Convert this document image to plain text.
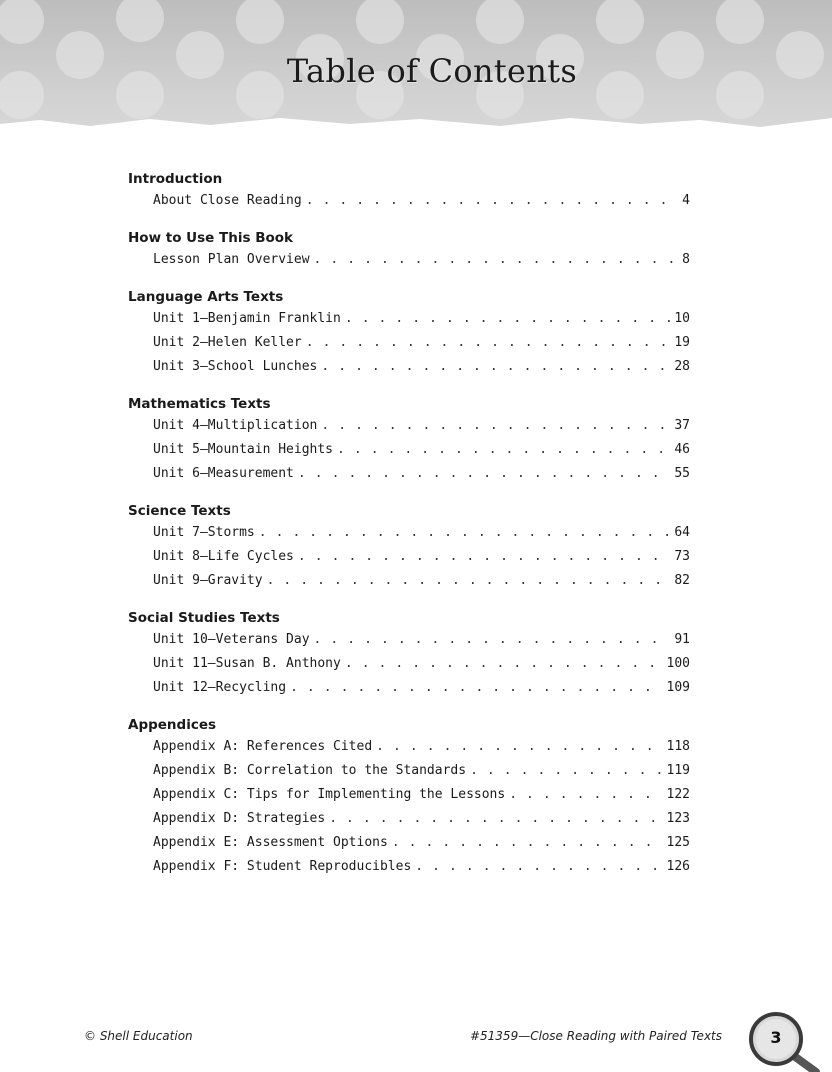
Table of Contents
Introduction
About Close Reading . . .	4
How to Use This Book
Lesson Plan Overview . . .	8
Language Arts Texts
Unit 1—Benjamin Franklin . . .	10
Unit 2—Helen Keller . . .	19
Unit 3—School Lunches . . .	28
Mathematics Texts
Unit 4—Multiplication . . .	37
Unit 5—Mountain Heights . . .	46
Unit 6—Measurement . . .	55
Science Texts
Unit 7—Storms . . .	64
Unit 8—Life Cycles . . .	73
Unit 9—Gravity . . .	82
Social Studies Texts
Unit 10—Veterans Day . . .	91
Unit 11—Susan B. Anthony . . .	100
Unit 12—Recycling . . .	109
Appendices
Appendix A: References Cited . . .	118
Appendix B: Correlation to the Standards . . .	119
Appendix C: Tips for Implementing the Lessons . . .	122
Appendix D: Strategies . . .	123
Appendix E: Assessment Options . . .	125
Appendix F: Student Reproducibles . . .	126
© Shell Education	#51359—Close Reading with Paired Texts	3
